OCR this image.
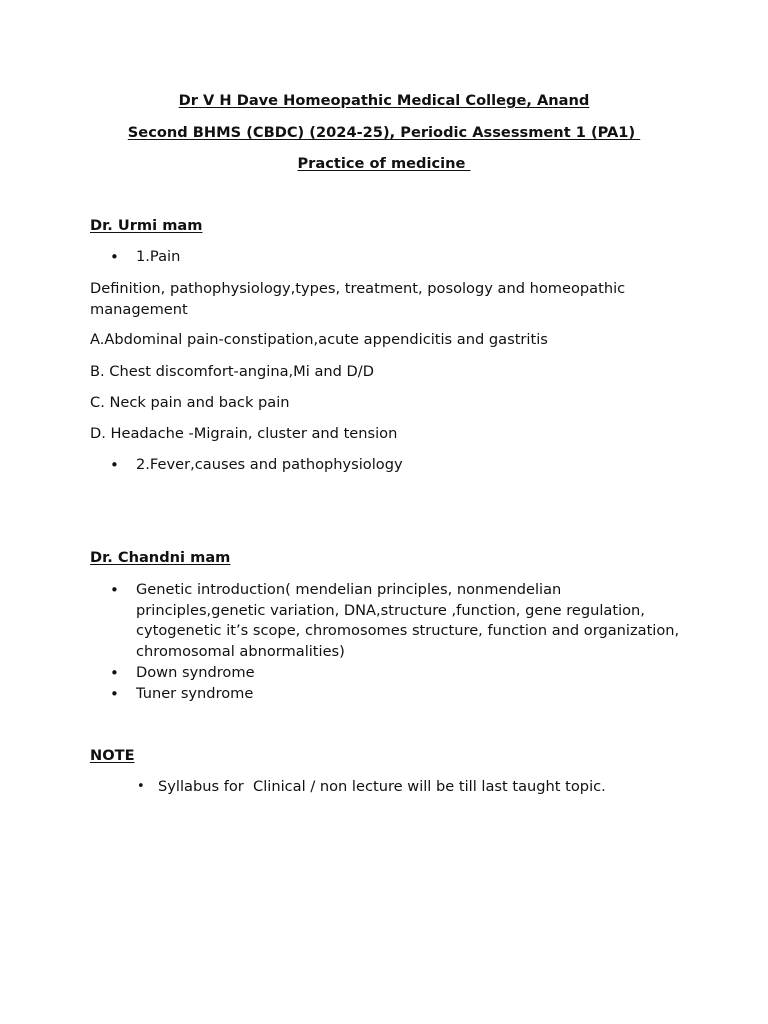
Dr V H Dave Homeopathic Medical College, Anand
Second BHMS (CBDC) (2024-25), Periodic Assessment 1 (PA1)
Practice of medicine
Dr. Urmi mam
• 1.Pain
Definition, pathophysiology,types, treatment, posology and homeopathic management
A.Abdominal pain-constipation,acute appendicitis and gastritis
B. Chest discomfort-angina,Mi and D/D
C. Neck pain and back pain
D. Headache -Migrain, cluster and tension
• 2.Fever,causes and pathophysiology
Dr. Chandni mam
• Genetic introduction( mendelian principles, nonmendelian principles,genetic variation, DNA,structure ,function, gene regulation, cytogenetic it’s scope, chromosomes structure, function and organization, chromosomal abnormalities)
• Down syndrome
• Tuner syndrome
NOTE
• Syllabus for  Clinical / non lecture will be till last taught topic.
